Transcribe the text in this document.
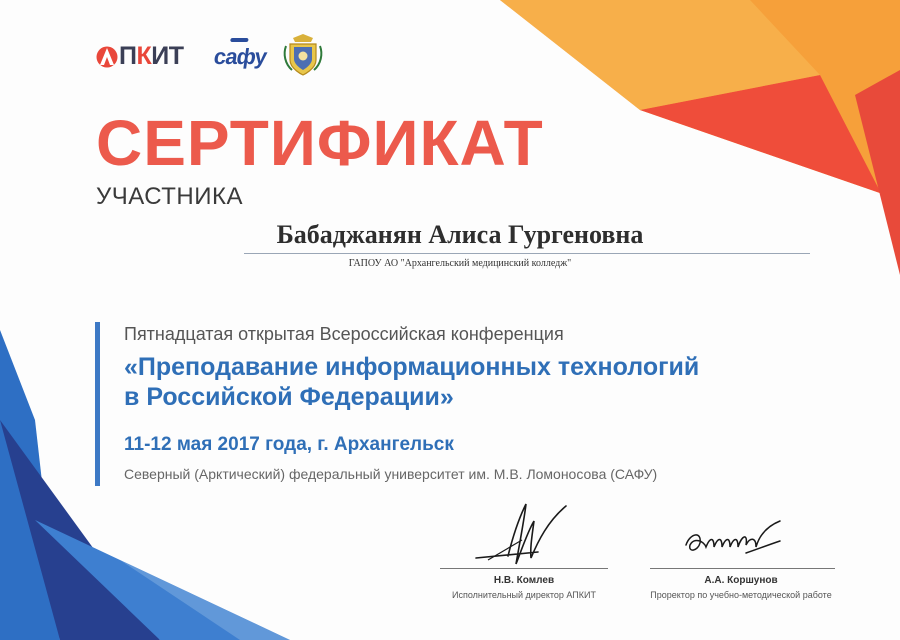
П К ИТ сафу
СЕРТИФИКАТ
УЧАСТНИКА
Бабаджанян Алиса Гургеновна
ГАПОУ АО "Архангельский медицинский колледж"
Пятнадцатая открытая Всероссийская конференция
«Преподавание информационных технологий
в Российской Федерации»
11-12 мая 2017 года, г. Архангельск
Северный (Арктический) федеральный университет им. М.В. Ломоносова (САФУ)
Н.В. Комлев
Исполнительный директор АПКИТ
А.А. Коршунов
Проректор по учебно-методической работе
